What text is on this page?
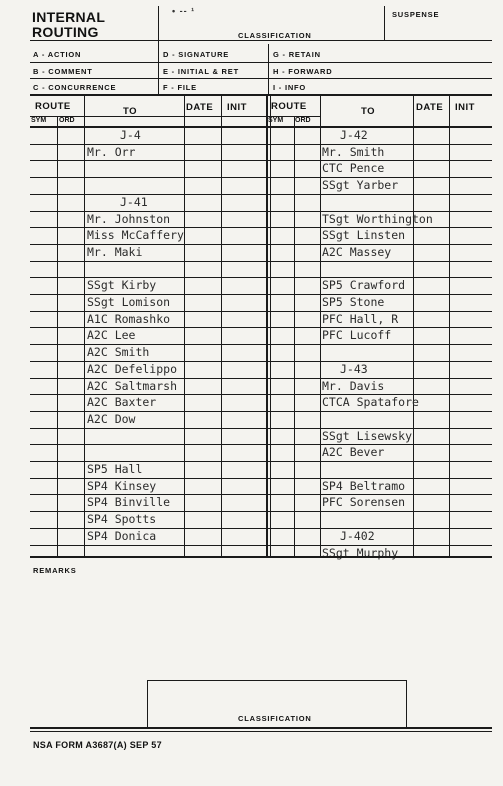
INTERNAL
ROUTING
• -- ¹
CLASSIFICATION
SUSPENSE
A - ACTION	D - SIGNATURE	G - RETAIN
B - COMMENT	E - INITIAL & RET	H - FORWARD
C - CONCURRENCE	F - FILE	I - INFO
ROUTE
SYM ORD
TO	DATE INIT	ROUTE
SYM ORD
TO	DATE INIT
J-4
Mr. Orr
J-41
Mr. Johnston
Miss McCaffery
Mr. Maki
SSgt Kirby
SSgt Lomison
A1C Romashko
A2C Lee
A2C Smith
A2C Defelippo
A2C Saltmarsh
A2C Baxter
A2C Dow
SP5 Hall
SP4 Kinsey
SP4 Binville
SP4 Spotts
SP4 Donica
J-42
Mr. Smith
CTC Pence
SSgt Yarber
TSgt Worthington
SSgt Linsten
A2C Massey
SP5 Crawford
SP5 Stone
PFC Hall, R
PFC Lucoff
J-43
Mr. Davis
CTCA Spatafore
SSgt Lisewsky
A2C Bever
SP4 Beltramo
PFC Sorensen
J-402
SSgt Murphy
REMARKS
CLASSIFICATION
NSA FORM A3687(A) SEP 57
